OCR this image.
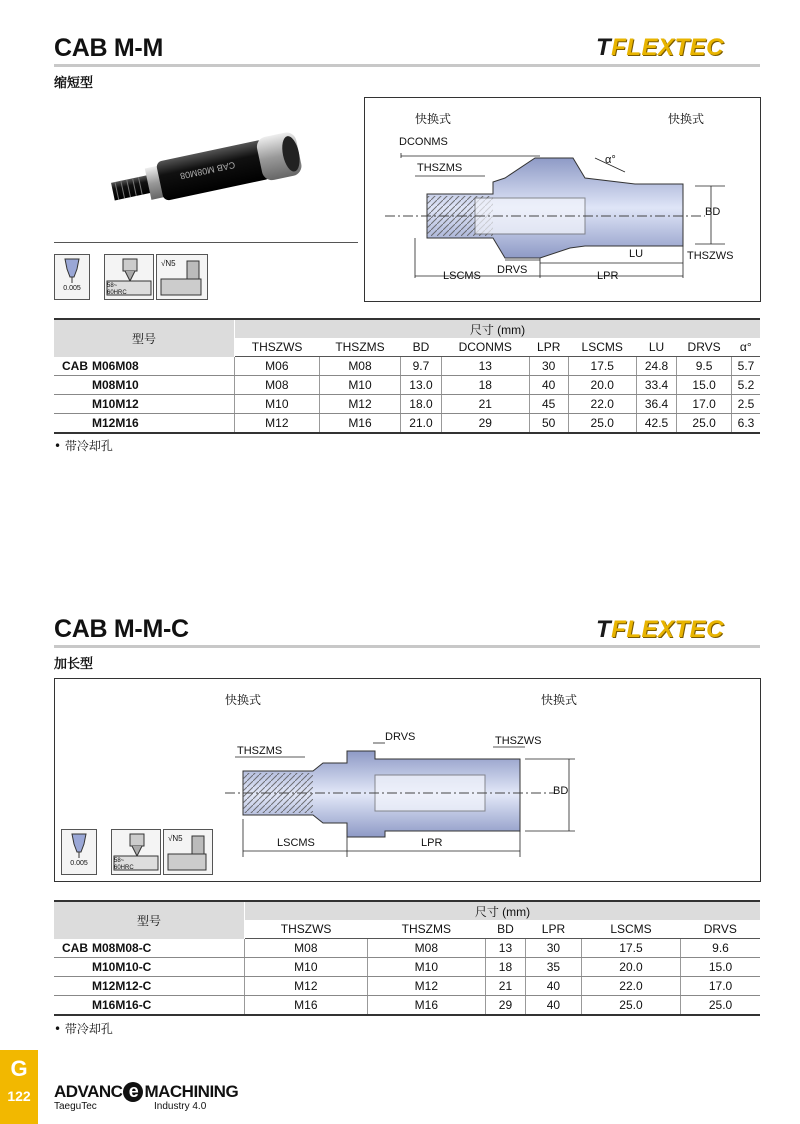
CAB M-M
缩短型
TFLEXTEC
CAB M08M08
0.005	58~
60HRC
√N5
快换式	快换式
DCONMS
THSZMS
α°
BD
LU	THSZWS
DRVS
LSCMS	LPR
型号	尺寸 (mm)								
	THSZWS	THSZMS	BD	DCONMS	LPR	LSCMS	LU	DRVS	α°
CAB M06M08	M06	M08	9.7	13	30	17.5	24.8	9.5	5.7
M08M10	M08	M10	13.0	18	40	20.0	33.4	15.0	5.2
M10M12	M10	M12	18.0	21	45	22.0	36.4	17.0	2.5
M12M16	M12	M16	21.0	29	50	25.0	42.5	25.0	6.3
• 带冷却孔
CAB M-M-C
加长型
TFLEXTEC
快换式	快换式
THSZMS
DRVS	THSZWS
BD
LSCMS	LPR
0.005	58~
60HRC
√N5
型号	尺寸 (mm)					
	THSZWS	THSZMS	BD	LPR	LSCMS	DRVS
CAB M08M08-C	M08	M08	13	30	17.5	9.6
M10M10-C	M10	M10	18	35	20.0	15.0
M12M12-C	M12	M12	21	40	22.0	17.0
M16M16-C	M16	M16	29	40	25.0	25.0
• 带冷却孔
G
122	ADVANC e MACHINING
TaeguTec	Industry 4.0
